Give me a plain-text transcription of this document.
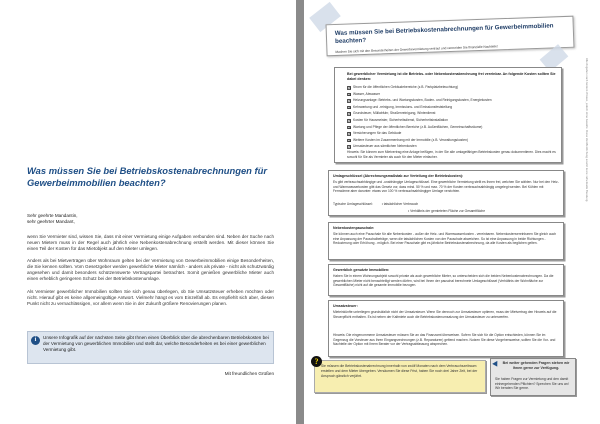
Was müssen Sie bei Betriebskostenabrechnungen für Gewerbeimmobilien beachten?
Sehr geehrte Mandantin,
sehr geehrter Mandant,
wenn Sie Vermieter sind, wissen Sie, dass mit einer Vermietung einige Aufgaben verbunden sind. Neben der Suche nach neuen Mietern muss in der Regel auch jährlich eine Nebenkostenabrechnung erstellt werden. Mit dieser können Sie einen Teil der Kosten für das Mietobjekt auf den Mieter umlegen.
Anders als bei Mietverträgen über Wohnraum gelten bei der Vermietung von Gewerbeimmobilien einige Besonderheiten, die Sie kennen sollten. Vom Gesetzgeber werden gewerbliche Mieter nämlich - anders als private - nicht als schutzwürdig angesehen und damit besonders schützenswerte Vertragspartei betrachtet. Somit genießen gewerbliche Mieter auch einen erheblich geringeren Schutz bei der Betriebskostenumlage.
Als Vermieter gewerblicher Immobilien sollten Sie sich genau überlegen, ob Sie Umsatzsteuer erheben möchten oder nicht. Hierauf gibt es keine allgemeingültige Antwort. Vielmehr hängt es vom Einzelfall ab. Es empfiehlt sich aber, diesen Punkt nicht zu vernachlässigen, vor allem wenn Sie in der Zukunft größere Renovierungen planen.
i	Unsere Infografik auf der nächsten Seite gibt Ihnen einen Überblick über die abrechenbaren Betriebskosten bei der Vermietung von gewerblichen Immobilien und stellt dar, welche Besonderheiten es bei einer gewerblichen Vermietung gibt.
Mit freundlichen Grüßen
Was müssen Sie bei Betriebskostenabrechnungen für Gewerbeimmobilien beachten?
Machen Sie sich mit den Besonderheiten der Gewerbevermietung vertraut und vermeiden Sie finanzielle Nachteile!
Bei gewerblicher Vermietung ist die Betriebs- oder Nebenkostenabrechnung frei vereinbar. An folgende Kosten sollten Sie dabei denken:
☒ Strom für die öffentlichen Gebäudebereiche (z.B. Parkplatzbeleuchtung)
☒ Wasser, Abwasser
☒ Heizungsanlage: Betriebs- und Wartungskosten, Boden- und Reinigungskosten, Energiekosten
☒ Kehrwartung und -reinigung, Immissions- und Emissionsfeststellung
☒ Grundsteuer, Müllabfuhr, Straßenreinigung, Winterdienst
☒ Kosten für Hausmeister, Sicherheitsdienst, Sicherheitsinstallation
☒ Wartung und Pflege der öffentlichen Bereiche (z.B. Außenflächen, Gemeinschaftsräume)
☒ Versicherungen für das Gebäude
☒ Weitere Kosten im Zusammenhang mit der Immobilie (z.B. Verwaltungskosten)
☒ Umsatzsteuer aus sämtlichen Nebenkosten
Hinweis: Sie können zum Mietvertrag eine Anlage beifügen, in der Sie alle umlagefähigen Betriebskosten genau dokumentieren. Dies macht es sowohl für Sie als Vermieter als auch für den Mieter einfacher.
Umlageschlüssel (Abrechnungsmaßstab zur Verteilung der Betriebskosten):
Es gibt verbrauchsabhängige und -unabhängige Umlageschlüssel. Eine gewerbliche Vermietung stellt es Ihnen frei, welchen Sie wählen. Nur bei den Heiz- und Warmwasserkosten gibt das Gesetz vor, dass mind. 50 % und max. 70 % der Kosten verbrauchsabhängig umgelegt werden. Bei Kühlen mit Fernwärme aber darunter: etwas von 100 % verbrauchsabhängiger Umlage verzichten.
Typische Umlageschlüssel:	• tatsächlicher Verbrauch
• Verhältnis der gemieteten Fläche zur Gesamtfläche
Nebenkostenpauschale:
Sie können auch eine Pauschale für alle Nebenkosten - außer die Heiz- und Warmwasserkosten - vereinbaren. Nebenkostenvereinbaren Sie gleich auch eine Anpassung der Pauschalbeträge, wenn die tatsächlichen Kosten von der Pauschale abweichen. So ist eine Anpassung in beide Richtungen - Reduzierung oder Erhöhung - möglich. Bei einer Pauschale gibt es jährliche Betriebskostenabrechnung, da alle Kosten als beglichen gelten.
Gewerblich genutzte Immobilien:
Haben Sie in einem Wohnungsobjekt sowohl private als auch gewerbliche Mieter, so unterscheiden sich die beiden Nebenkostenabrechnungen. Da die gewerblichen Mieter nicht benachteiligt werden dürfen, wird bei Ihnen der pauschal berechnete Umlageschlüssel (Verhältnis der Wohnfläche zur Gesamtfläche) nicht auf die gesamte Immobilie bezogen.
Umsatzsteuer:
Mieteinkünfte unterliegen grundsätzlich nicht der Umsatzsteuer. Wenn Sie dennoch zur Umsatzsteuer optieren, muss der Mietvertrag den Hinweis auf die Steuerpflicht enthalten. Es ist neben der Kaltmiete auch die Betriebskostenumsatzung der Umsatzsteuer zu unterwerfen.
Hinweis: Die eingenommene Umsatzsteuer müssen Sie an das Finanzamt überweisen. Sofern Sie sich für die Option entschieden, können Sie im Gegenzug die Vorsteuer aus Ihren Eingangsrechnungen (z.B. Reparaturen) geltend machen. Nutzen Sie diese Vorgehensweise, sollten Sie die Vor- und Nachteile der Option mit Ihrem Berater vor der Vertragsabfassung absprechen.
Alle Angaben nach bestem Wissen, jedoch ohne Gewähr. Diese Veröffentlichung ersetzt keine individuelle Beratung.
? Sie müssen die Betriebskostenabrechnung innerhalb von zwölf Monaten nach dem Verbrauchszeitraum erstellen und dem Mieter übergeben. Versäumen Sie diese Frist, haben Sie noch drei Jahre Zeit, bei der Anspruch gänzlich verjährt.
Bei weiter gehenden Fragen stehen wir Ihnen gerne zur Verfügung.
Sie haben Fragen zur Vermietung und den damit einhergehenden Pflichten? Sprechen Sie uns an! Wir beraten Sie gerne.
